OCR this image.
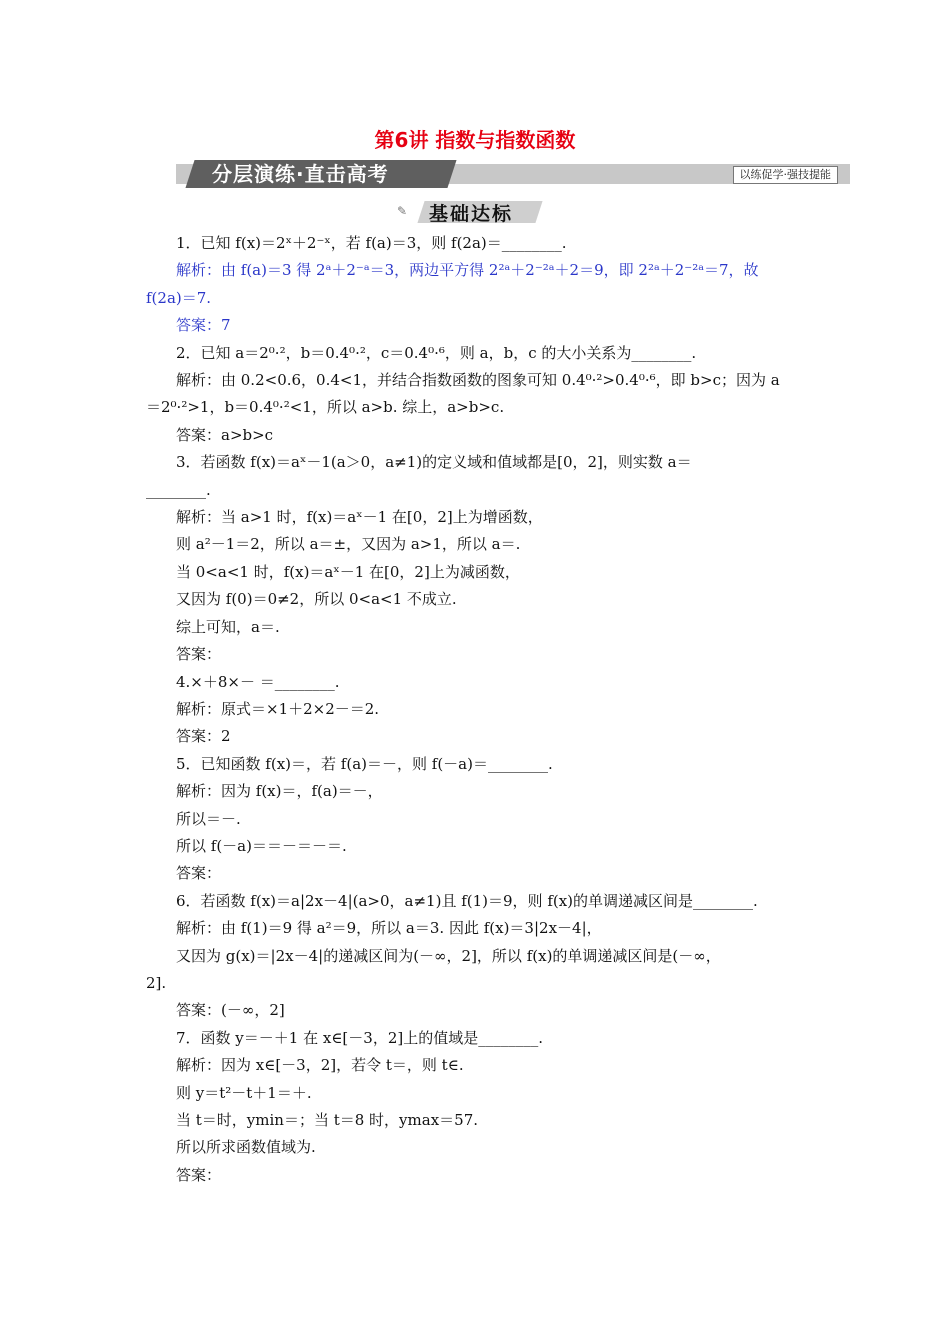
第6讲 指数与指数函数
分层演练·直击高考	以练促学·强技提能
✎ 基础达标
1．已知 f(x)＝2ˣ＋2⁻ˣ，若 f(a)＝3，则 f(2a)＝________.
解析：由 f(a)＝3 得 2ᵃ＋2⁻ᵃ＝3，两边平方得 2²ᵃ＋2⁻²ᵃ＋2＝9，即 2²ᵃ＋2⁻²ᵃ＝7，故
f(2a)＝7.
答案：7
2．已知 a＝2⁰·²，b＝0.4⁰·²，c＝0.4⁰·⁶，则 a，b，c 的大小关系为________.
解析：由 0.2<0.6，0.4<1，并结合指数函数的图象可知 0.4⁰·²>0.4⁰·⁶，即 b>c；因为 a
＝2⁰·²>1，b＝0.4⁰·²<1，所以 a>b. 综上，a>b>c.
答案：a>b>c
3．若函数 f(x)＝aˣ－1(a＞0，a≠1)的定义域和值域都是[0，2]，则实数 a＝
________.
解析：当 a>1 时，f(x)＝aˣ－1 在[0，2]上为增函数，
则 a²－1＝2，所以 a＝±，又因为 a>1，所以 a＝.
当 0<a<1 时，f(x)＝aˣ－1 在[0，2]上为减函数，
又因为 f(0)＝0≠2，所以 0<a<1 不成立.
综上可知，a＝.
答案：
4.×＋8×－ ＝________.
解析：原式＝×1＋2×2－＝2.
答案：2
5．已知函数 f(x)＝，若 f(a)＝－，则 f(－a)＝________.
解析：因为 f(x)＝，f(a)＝－，
所以＝－.
所以 f(－a)＝＝－＝－＝.
答案：
6．若函数 f(x)＝a|2x－4|(a>0，a≠1)且 f(1)＝9，则 f(x)的单调递减区间是________.
解析：由 f(1)＝9 得 a²＝9，所以 a＝3. 因此 f(x)＝3|2x－4|，
又因为 g(x)＝|2x－4|的递减区间为(－∞，2]，所以 f(x)的单调递减区间是(－∞，
2].
答案：(－∞，2]
7．函数 y＝－＋1 在 x∈[－3，2]上的值域是________.
解析：因为 x∈[－3，2]，若令 t＝，则 t∈.
则 y＝t²－t＋1＝＋.
当 t＝时，ymin＝；当 t＝8 时，ymax＝57.
所以所求函数值域为.
答案：
